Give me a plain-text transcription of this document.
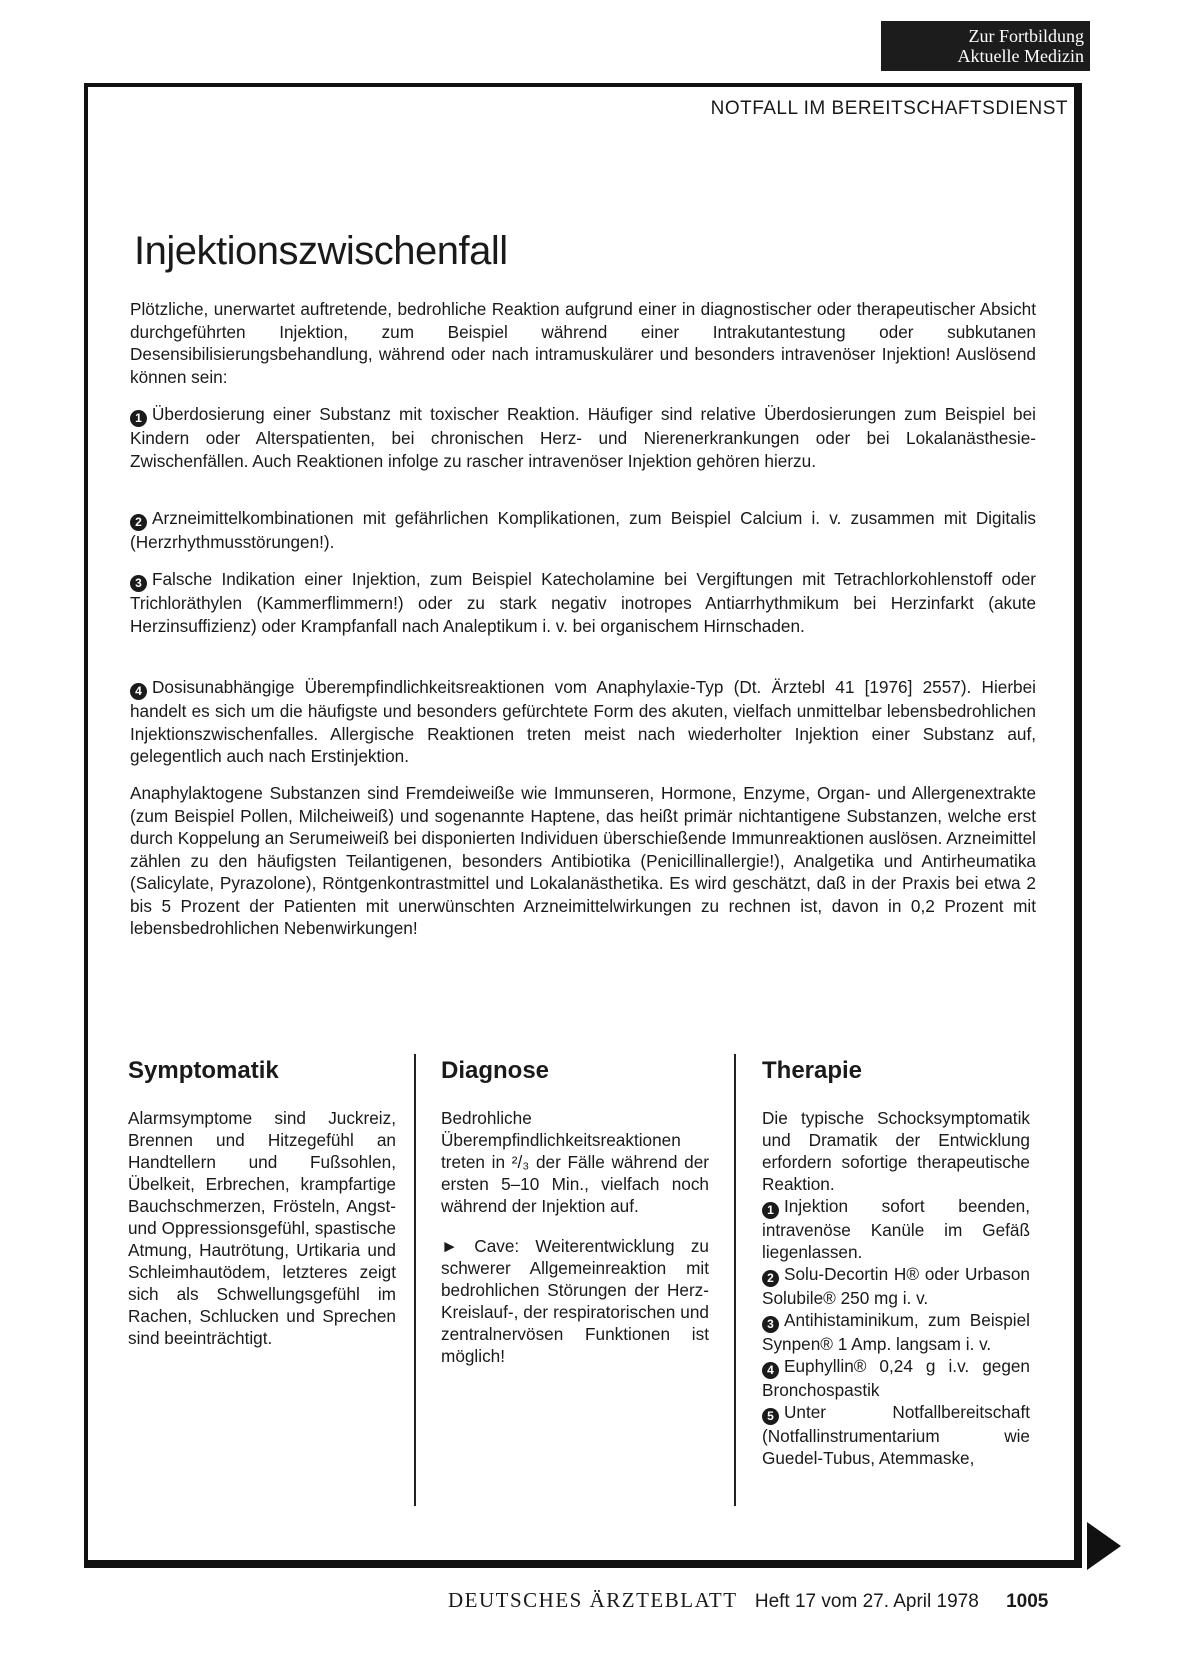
Zur Fortbildung
Aktuelle Medizin
NOTFALL IM BEREITSCHAFTSDIENST
Injektionszwischenfall

Plötzliche, unerwartet auftretende, bedrohliche Reaktion aufgrund einer in diagnostischer oder therapeutischer Absicht durchgeführten Injektion, zum Beispiel während einer Intrakutantestung oder subkutanen Desensibilisierungsbehandlung, während oder nach intramuskulärer und besonders intravenöser Injektion! Auslösend können sein:

1 Überdosierung einer Substanz mit toxischer Reaktion. Häufiger sind relative Überdosierungen zum Beispiel bei Kindern oder Alterspatienten, bei chronischen Herz- und Nierenerkrankungen oder bei Lokalanästhesie-Zwischenfällen. Auch Reaktionen infolge zu rascher intravenöser Injektion gehören hierzu.

2 Arzneimittelkombinationen mit gefährlichen Komplikationen, zum Beispiel Calcium i. v. zusammen mit Digitalis (Herzrhythmusstörungen!).

3 Falsche Indikation einer Injektion, zum Beispiel Katecholamine bei Vergiftungen mit Tetrachlorkohlenstoff oder Trichloräthylen (Kammerflimmern!) oder zu stark negativ inotropes Antiarrhythmikum bei Herzinfarkt (akute Herzinsuffizienz) oder Krampfanfall nach Analeptikum i. v. bei organischem Hirnschaden.

4 Dosisunabhängige Überempfindlichkeitsreaktionen vom Anaphylaxie-Typ (Dt. Ärztebl 41 [1976] 2557). Hierbei handelt es sich um die häufigste und besonders gefürchtete Form des akuten, vielfach unmittelbar lebensbedrohlichen Injektionszwischenfalles. Allergische Reaktionen treten meist nach wiederholter Injektion einer Substanz auf, gelegentlich auch nach Erstinjektion.

Anaphylaktogene Substanzen sind Fremdeiweiße wie Immunseren, Hormone, Enzyme, Organ- und Allergenextrakte (zum Beispiel Pollen, Milcheiweiß) und sogenannte Haptene, das heißt primär nichtantigene Substanzen, welche erst durch Koppelung an Serumeiweiß bei disponierten Individuen überschießende Immunreaktionen auslösen. Arzneimittel zählen zu den häufigsten Teilantigenen, besonders Antibiotika (Penicillinallergie!), Analgetika und Antirheumatika (Salicylate, Pyrazolone), Röntgenkontrastmittel und Lokalanästhetika. Es wird geschätzt, daß in der Praxis bei etwa 2 bis 5 Prozent der Patienten mit unerwünschten Arzneimittelwirkungen zu rechnen ist, davon in 0,2 Prozent mit lebensbedrohlichen Nebenwirkungen!

Symptomatik

Alarmsymptome sind Juckreiz, Brennen und Hitzegefühl an Handtellern und Fußsohlen, Übelkeit, Erbrechen, krampfartige Bauchschmerzen, Frösteln, Angst- und Oppressionsgefühl, spastische Atmung, Hautrötung, Urtikaria und Schleimhautödem, letzteres zeigt sich als Schwellungsgefühl im Rachen, Schlucken und Sprechen sind beeinträchtigt.

Diagnose

Bedrohliche Überempfindlichkeitsreaktionen treten in ²/₃ der Fälle während der ersten 5–10 Min., vielfach noch während der Injektion auf.

► Cave: Weiterentwicklung zu schwerer Allgemeinreaktion mit bedrohlichen Störungen der Herz-Kreislauf-, der respiratorischen und zentralnervösen Funktionen ist möglich!

Therapie

Die typische Schocksymptomatik und Dramatik der Entwicklung erfordern sofortige therapeutische Reaktion.

1 Injektion sofort beenden, intravenöse Kanüle im Gefäß liegenlassen.

2 Solu-Decortin H® oder Urbason Solubile® 250 mg i. v.

3 Antihistaminikum, zum Beispiel Synpen® 1 Amp. langsam i. v.

4 Euphyllin® 0,24 g i.v. gegen Bronchospastik

5 Unter Notfallbereitschaft (Notfallinstrumentarium wie Guedel-Tubus, Atemmaske,

DEUTSCHES ÄRZTEBLATT Heft 17 vom 27. April 1978 1005
